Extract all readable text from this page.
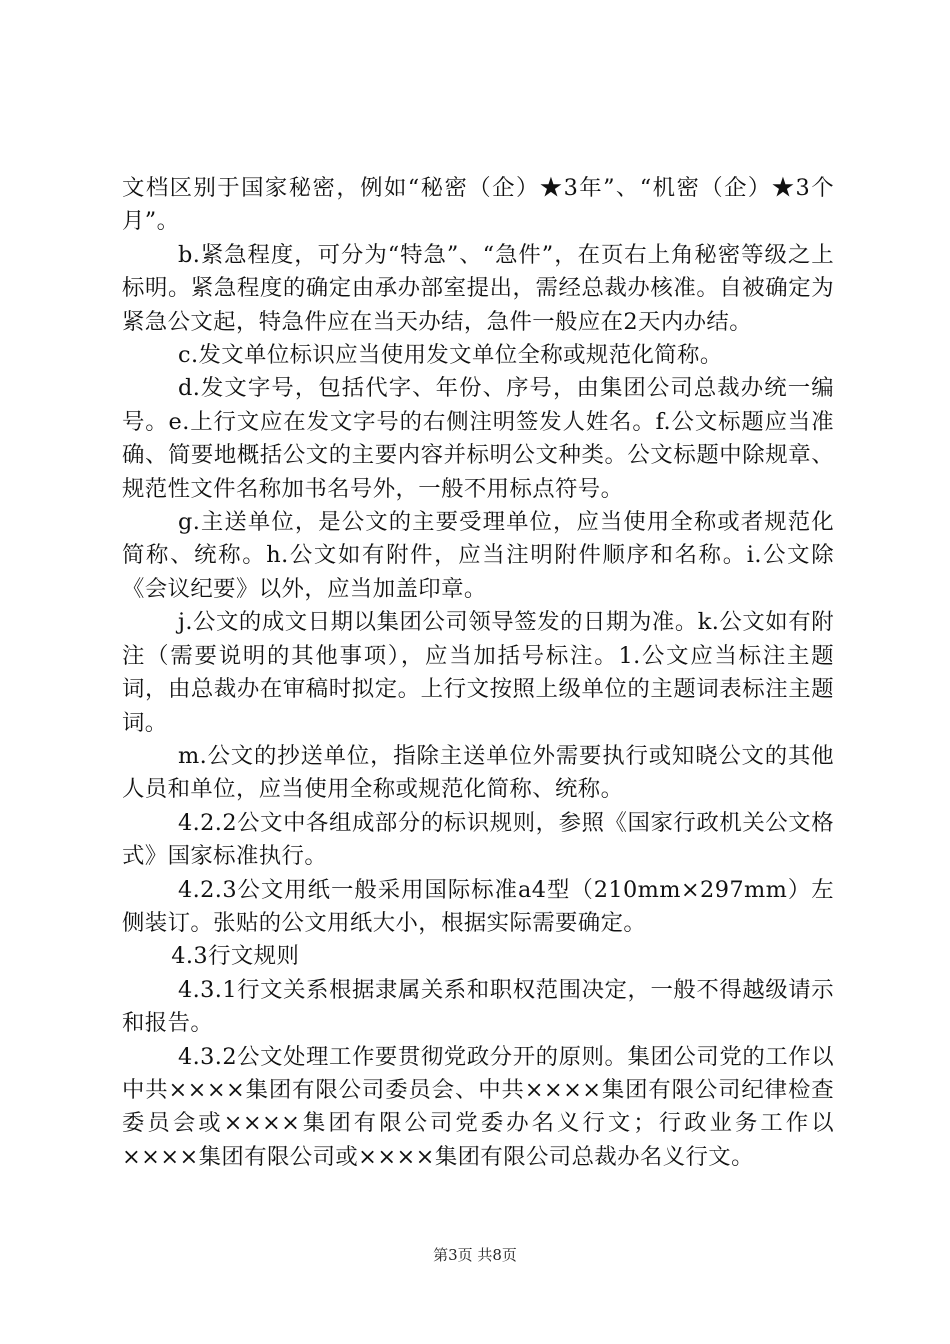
文档区别于国家秘密，例如“秘密（企）★3年”、“机密（企）★3个月”。

b.紧急程度，可分为“特急”、“急件”，在页右上角秘密等级之上标明。紧急程度的确定由承办部室提出，需经总裁办核准。自被确定为紧急公文起，特急件应在当天办结，急件一般应在2天内办结。

c.发文单位标识应当使用发文单位全称或规范化简称。

d.发文字号，包括代字、年份、序号，由集团公司总裁办统一编号。e.上行文应在发文字号的右侧注明签发人姓名。f.公文标题应当准确、简要地概括公文的主要内容并标明公文种类。公文标题中除规章、规范性文件名称加书名号外，一般不用标点符号。

g.主送单位，是公文的主要受理单位，应当使用全称或者规范化简称、统称。h.公文如有附件，应当注明附件顺序和名称。i.公文除《会议纪要》以外，应当加盖印章。

j.公文的成文日期以集团公司领导签发的日期为准。k.公文如有附注（需要说明的其他事项），应当加括号标注。1.公文应当标注主题词，由总裁办在审稿时拟定。上行文按照上级单位的主题词表标注主题词。

m.公文的抄送单位，指除主送单位外需要执行或知晓公文的其他人员和单位，应当使用全称或规范化简称、统称。

4.2.2公文中各组成部分的标识规则，参照《国家行政机关公文格式》国家标准执行。

4.2.3公文用纸一般采用国际标准a4型（210mm×297mm）左侧装订。张贴的公文用纸大小，根据实际需要确定。

4.3行文规则

4.3.1行文关系根据隶属关系和职权范围决定，一般不得越级请示和报告。

4.3.2公文处理工作要贯彻党政分开的原则。集团公司党的工作以中共××××集团有限公司委员会、中共××××集团有限公司纪律检查委员会或××××集团有限公司党委办名义行文；行政业务工作以××××集团有限公司或××××集团有限公司总裁办名义行文。

第3页 共8页
